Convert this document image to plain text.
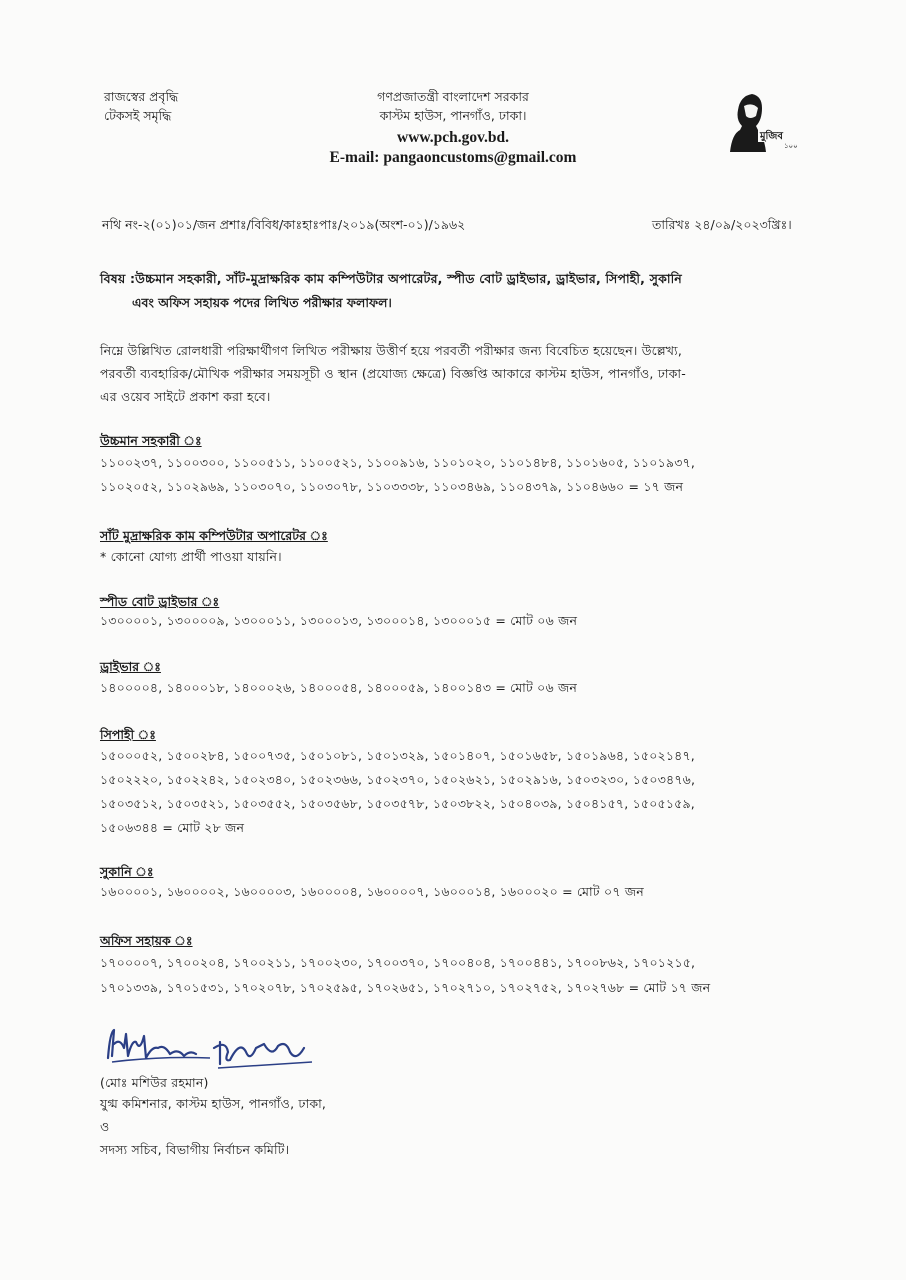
রাজস্বের প্রবৃদ্ধি
টেকসই সমৃদ্ধি
গণপ্রজাতন্ত্রী বাংলাদেশ সরকার
কাস্টম হাউস, পানগাঁও, ঢাকা।
www.pch.gov.bd.
E-mail: pangaoncustoms@gmail.com
মুজিব
১০০
নথি নং-২(০১)০১/জন প্রশাঃ/বিবিধ/কাঃহাঃপাঃ/২০১৯(অংশ-০১)/১৯৬২	তারিখঃ ২৪/০৯/২০২৩খ্রিঃ।
বিষয় :উচ্চমান সহকারী, সাঁট-মুদ্রাক্ষরিক কাম কম্পিউটার অপারেটর, স্পীড বোট ড্রাইভার, ড্রাইভার, সিপাহী, সুকানি
এবং অফিস সহায়ক পদের লিখিত পরীক্ষার ফলাফল।
নিম্নে উল্লিখিত রোলধারী পরিক্ষার্থীগণ লিখিত পরীক্ষায় উত্তীর্ণ হয়ে পরবর্তী পরীক্ষার জন্য বিবেচিত হয়েছেন। উল্লেখ্য,
পরবর্তী ব্যবহারিক/মৌখিক পরীক্ষার সময়সূচী ও স্থান (প্রযোজ্য ক্ষেত্রে) বিজ্ঞপ্তি আকারে কাস্টম হাউস, পানগাঁও, ঢাকা-
এর ওয়েব সাইটে প্রকাশ করা হবে।
উচ্চমান সহকারী ঃ
১১০০২৩৭, ১১০০৩০০, ১১০০৫১১, ১১০০৫২১, ১১০০৯১৬, ১১০১০২০, ১১০১৪৮৪, ১১০১৬০৫, ১১০১৯৩৭,
১১০২০৫২, ১১০২৯৬৯, ১১০৩০৭০, ১১০৩০৭৮, ১১০৩৩৩৮, ১১০৩৪৬৯, ১১০৪৩৭৯, ১১০৪৬৬০ = ১৭ জন
সাঁট মুদ্রাক্ষরিক কাম কম্পিউটার অপারেটর ঃ
* কোনো যোগ্য প্রার্থী পাওয়া যায়নি।
স্পীড বোট ড্রাইভার ঃ
১৩০০০০১, ১৩০০০০৯, ১৩০০০১১, ১৩০০০১৩, ১৩০০০১৪, ১৩০০০১৫ = মোট ০৬ জন
ড্রাইভার ঃ
১৪০০০০৪, ১৪০০০১৮, ১৪০০০২৬, ১৪০০০৫৪, ১৪০০০৫৯, ১৪০০১৪৩ = মোট ০৬ জন
সিপাহী ঃ
১৫০০০৫২, ১৫০০২৮৪, ১৫০০৭৩৫, ১৫০১০৮১, ১৫০১৩২৯, ১৫০১৪০৭, ১৫০১৬৫৮, ১৫০১৯৬৪, ১৫০২১৪৭,
১৫০২২২০, ১৫০২২৪২, ১৫০২৩৪০, ১৫০২৩৬৬, ১৫০২৩৭০, ১৫০২৬২১, ১৫০২৯১৬, ১৫০৩২৩০, ১৫০৩৪৭৬,
১৫০৩৫১২, ১৫০৩৫২১, ১৫০৩৫৫২, ১৫০৩৫৬৮, ১৫০৩৫৭৮, ১৫০৩৮২২, ১৫০৪০৩৯, ১৫০৪১৫৭, ১৫০৫১৫৯,
১৫০৬৩৪৪ = মোট ২৮ জন
সুকানি ঃ
১৬০০০০১, ১৬০০০০২, ১৬০০০০৩, ১৬০০০০৪, ১৬০০০০৭, ১৬০০০১৪, ১৬০০০২০ = মোট ০৭ জন
অফিস সহায়ক ঃ
১৭০০০০৭, ১৭০০২০৪, ১৭০০২১১, ১৭০০২৩০, ১৭০০৩৭০, ১৭০০৪০৪, ১৭০০৪৪১, ১৭০০৮৬২, ১৭০১২১৫,
১৭০১৩৩৯, ১৭০১৫৩১, ১৭০২০৭৮, ১৭০২৫৯৫, ১৭০২৬৫১, ১৭০২৭১০, ১৭০২৭৫২, ১৭০২৭৬৮ = মোট ১৭ জন
(মোঃ মশিউর রহমান)
যুগ্ম কমিশনার, কাস্টম হাউস, পানগাঁও, ঢাকা,
ও
সদস্য সচিব, বিভাগীয় নির্বাচন কমিটি।
